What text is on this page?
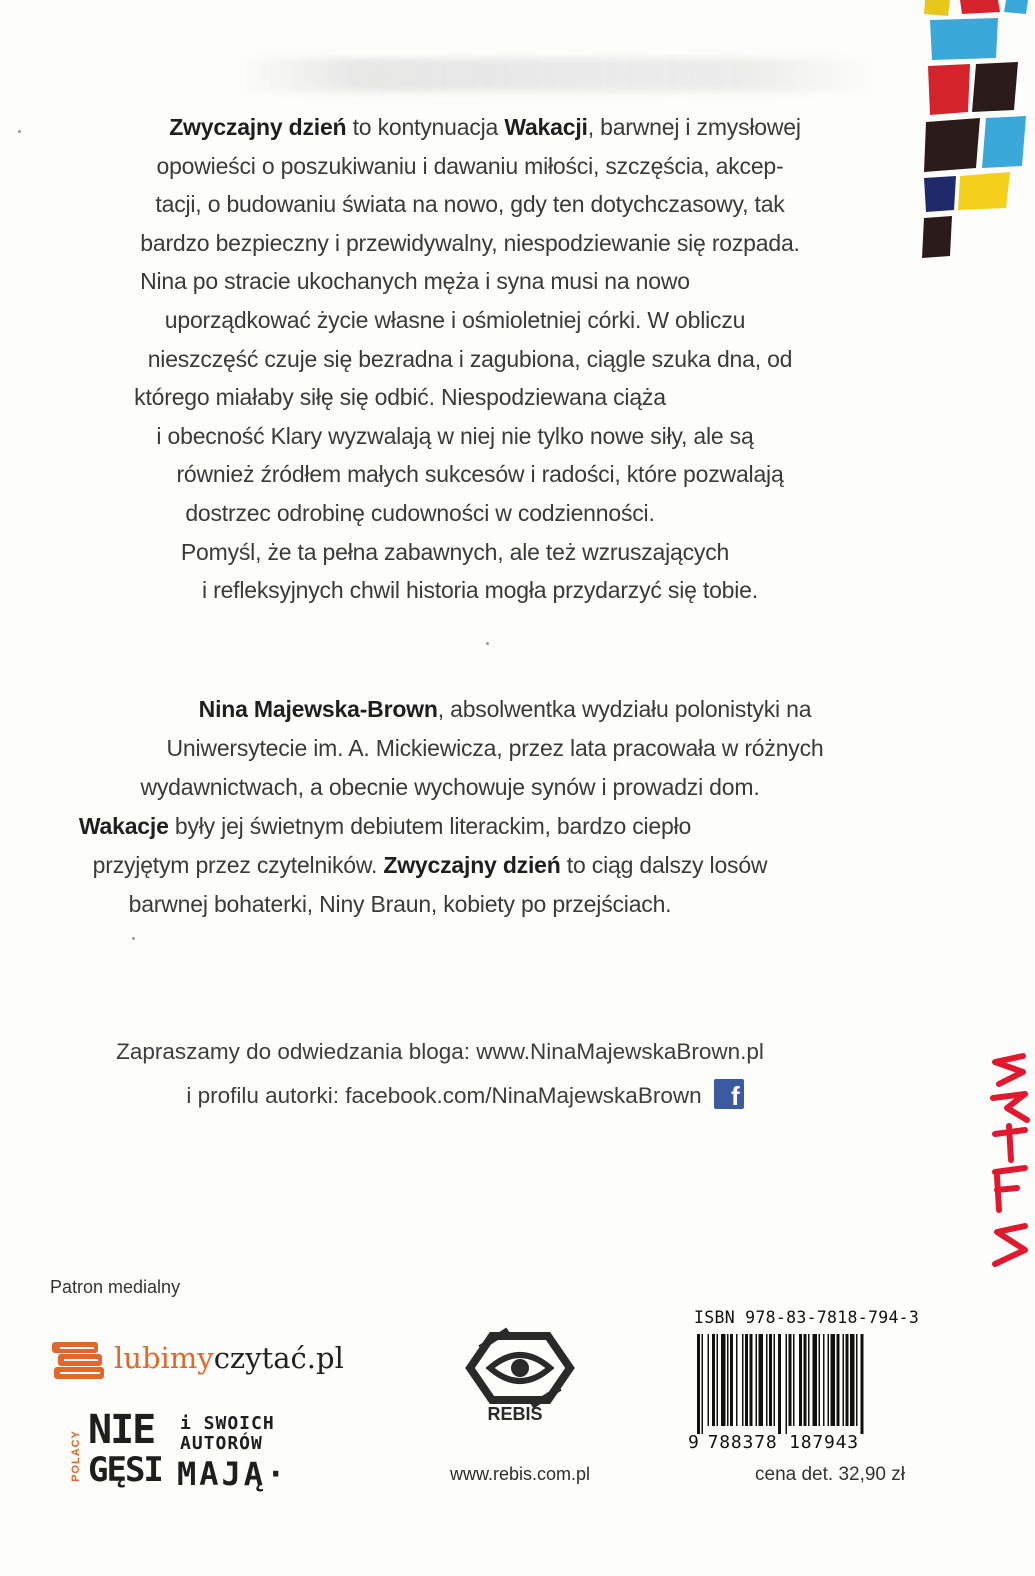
Zwyczajny dzień to kontynuacja Wakacji, barwnej i zmysłowej
opowieści o poszukiwaniu i dawaniu miłości, szczęścia, akcep-
tacji, o budowaniu świata na nowo, gdy ten dotychczasowy, tak
bardzo bezpieczny i przewidywalny, niespodziewanie się rozpada.
Nina po stracie ukochanych męża i syna musi na nowo
uporządkować życie własne i ośmioletniej córki. W obliczu
nieszczęść czuje się bezradna i zagubiona, ciągle szuka dna, od
którego miałaby siłę się odbić. Niespodziewana ciąża
i obecność Klary wyzwalają w niej nie tylko nowe siły, ale są
również źródłem małych sukcesów i radości, które pozwalają
dostrzec odrobinę cudowności w codzienności.
Pomyśl, że ta pełna zabawnych, ale też wzruszających
i refleksyjnych chwil historia mogła przydarzyć się tobie.
Nina Majewska-Brown, absolwentka wydziału polonistyki na
Uniwersytecie im. A. Mickiewicza, przez lata pracowała w różnych
wydawnictwach, a obecnie wychowuje synów i prowadzi dom.
Wakacje były jej świetnym debiutem literackim, bardzo ciepło
przyjętym przez czytelników. Zwyczajny dzień to ciąg dalszy losów
barwnej bohaterki, Niny Braun, kobiety po przejściach.
Zapraszamy do odwiedzania bloga: www.NinaMajewskaBrown.pl
i profilu autorki: facebook.com/NinaMajewskaBrown f
Patron medialny
lubimyczytać.pl
POLACY
NIE
GĘSI
i SWOICH
AUTORÓW
MAJĄ·
REBIS
www.rebis.com.pl
ISBN 978-83-7818-794-3
9 788378 187943
cena det. 32,90 zł
